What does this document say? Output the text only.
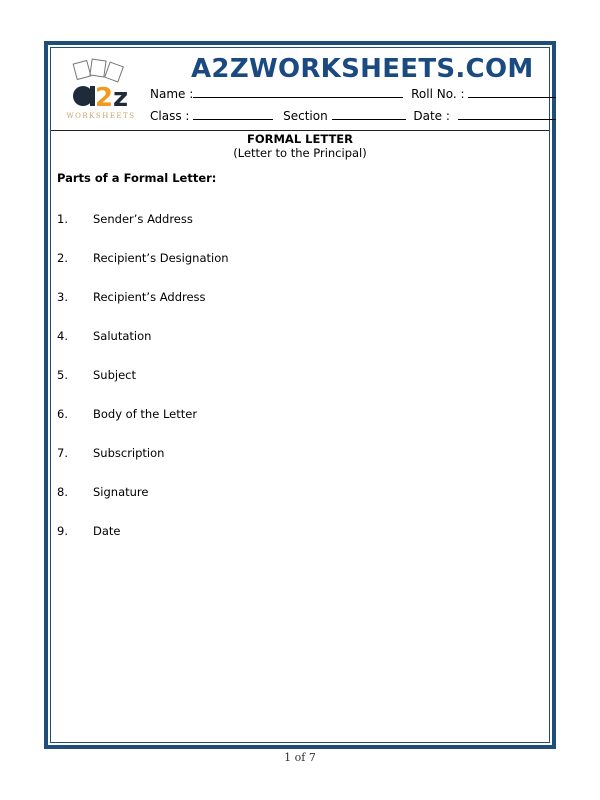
2 z
WORKSHEETS
A2ZWORKSHEETS.COM
Name :	Roll No. :
Class :	Section	Date :
FORMAL LETTER
(Letter to the Principal)
Parts of a Formal Letter:
1.	Sender’s Address
2.	Recipient’s Designation
3.	Recipient’s Address
4.	Salutation
5.	Subject
6.	Body of the Letter
7.	Subscription
8.	Signature
9.	Date
1 of 7
